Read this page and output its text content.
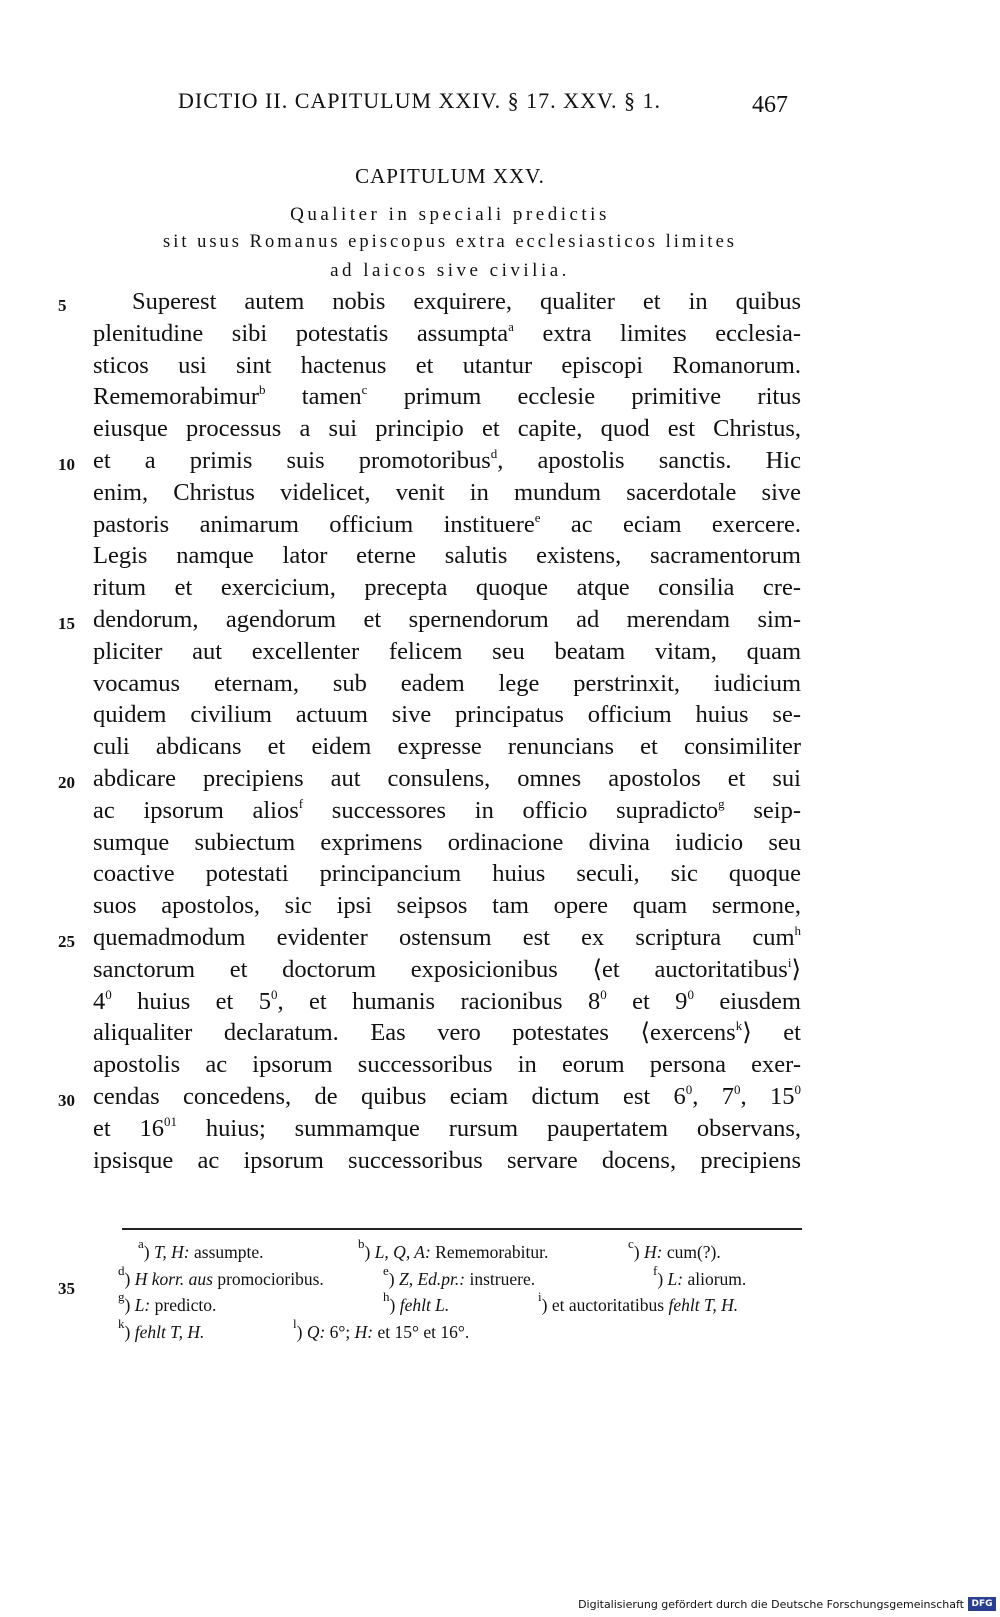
DICTIO II. CAPITULUM XXIV. § 17. XXV. § 1.	467
CAPITULUM XXV.
Qualiter in speciali predictis
sit usus Romanus episcopus extra ecclesiasticos limites
ad laicos sive civilia.
5
10
15
20
25
30
Superest autem nobis exquirere, qualiter et in quibus
plenitudine sibi potestatis assumpta$^a$ extra limites ecclesia-
sticos usi sint hactenus et utantur episcopi Romanorum.
Rememorabimur$^b$ tamen$^c$ primum ecclesie primitive ritus
eiusque processus a sui principio et capite, quod est Christus,
et a primis suis promotoribus$^d$, apostolis sanctis. Hic
enim, Christus videlicet, venit in mundum sacerdotale sive
pastoris animarum officium instituere$^e$ ac eciam exercere.
Legis namque lator eterne salutis existens, sacramentorum
ritum et exercicium, precepta quoque atque consilia cre-
dendorum, agendorum et spernendorum ad merendam sim-
pliciter aut excellenter felicem seu beatam vitam, quam
vocamus eternam, sub eadem lege perstrinxit, iudicium
quidem civilium actuum sive principatus officium huius se-
culi abdicans et eidem expresse renuncians et consimiliter
abdicare precipiens aut consulens, omnes apostolos et sui
ac ipsorum alios$^f$ successores in officio supradicto$^g$ seip-
sumque subiectum exprimens ordinacione divina iudicio seu
coactive potestati principancium huius seculi, sic quoque
suos apostolos, sic ipsi seipsos tam opere quam sermone,
quemadmodum evidenter ostensum est ex scriptura cum$^h$
sanctorum et doctorum exposicionibus ⟨et auctoritatibus$^i$⟩
$4^0$ huius et $5^0$, et humanis racionibus $8^0$ et $9^0$ eiusdem
aliqualiter declaratum. Eas vero potestates ⟨exercens$^k$⟩ et
apostolis ac ipsorum successoribus in eorum persona exer-
cendas concedens, de quibus eciam dictum est $6^0$, $7^0$, $15^0$
et $16^{01}$ huius; summamque rursum paupertatem observans,
ipsisque ac ipsorum successoribus servare docens, precipiens
$^a$) T, H: assumpte.	$^b$) L, Q, A: Rememorabitur.	$^c$) H: cum(?).
$^d$) H korr. aus promocioribus.	$^e$) Z, Ed.pr.: instruere.	$^f$) L: aliorum.
$^g$) L: predicto.	$^h$) fehlt L.	$^i$) et auctoritatibus fehlt T, H.
$^k$) fehlt T, H.	$^l$) Q: 6°; H: et 15° et 16°.
35
Digitalisierung gefördert durch die Deutsche Forschungsgemeinschaft DFG
